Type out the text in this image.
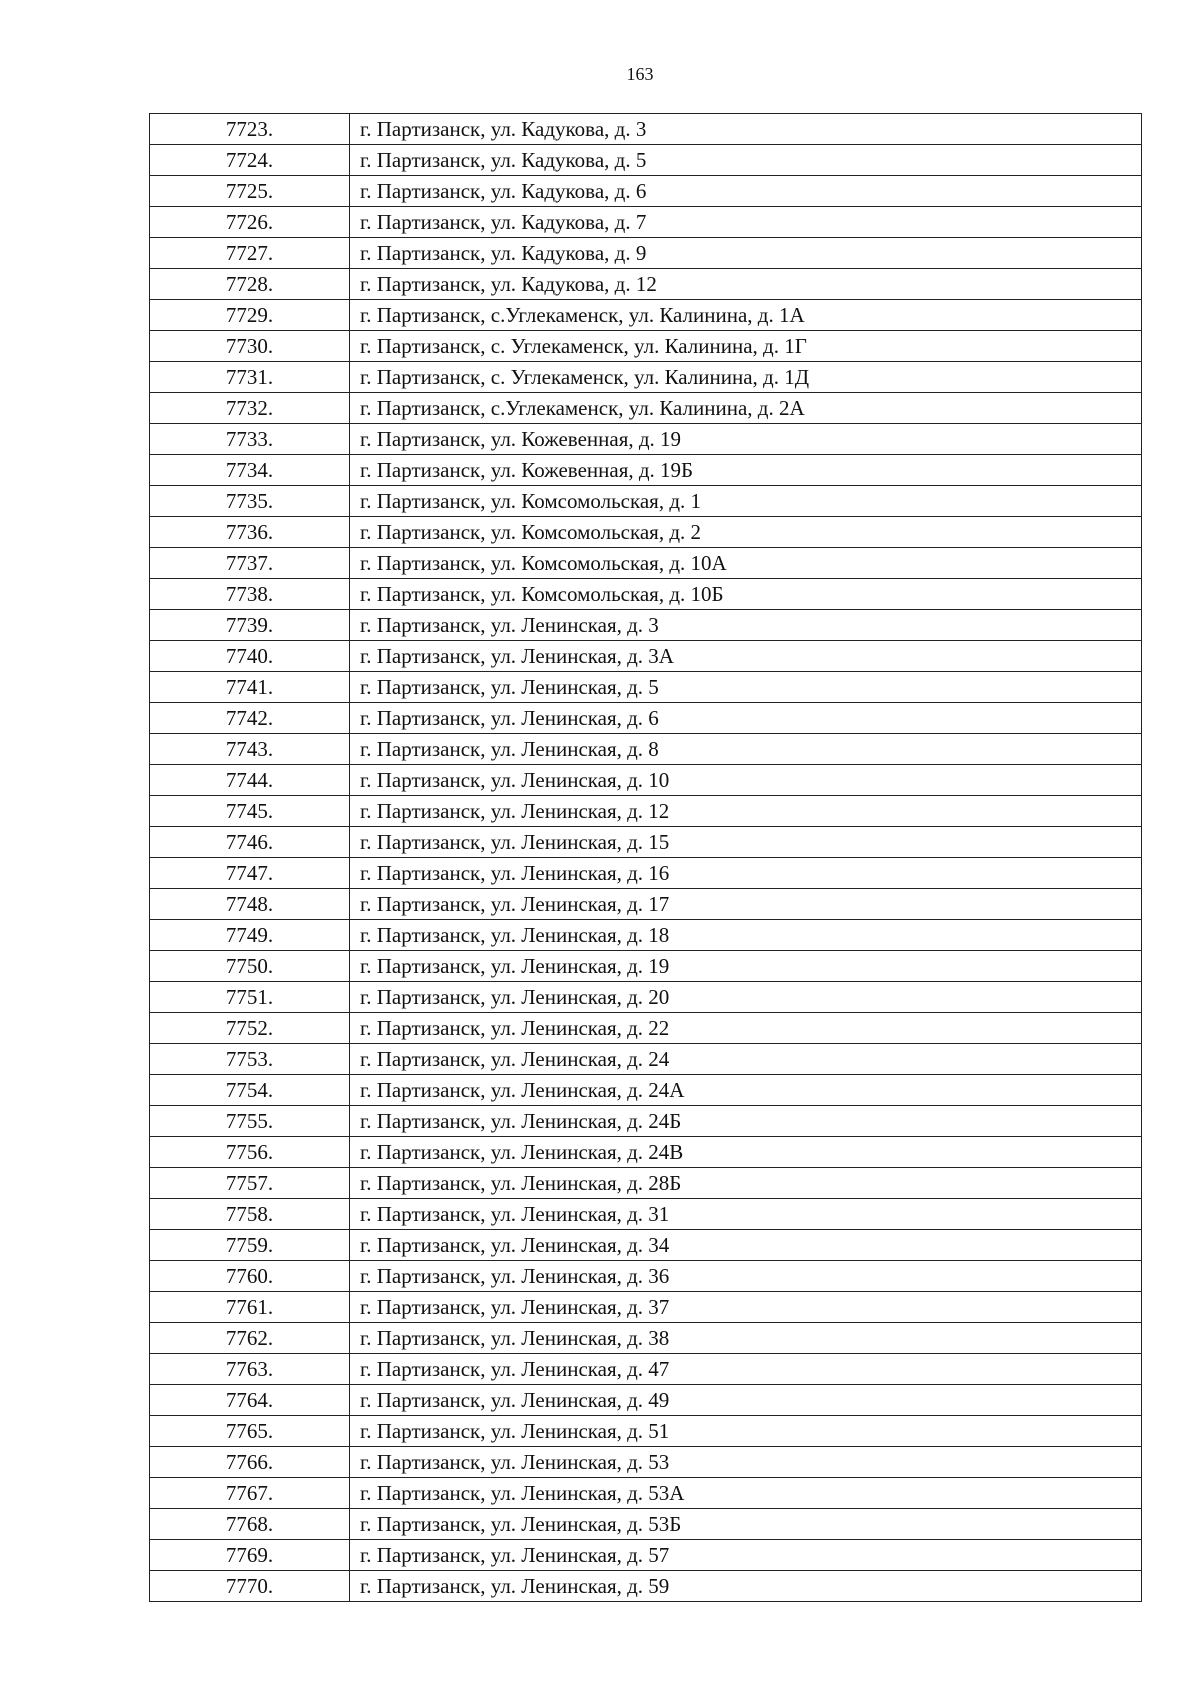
163
7723.	г. Партизанск, ул. Кадукова, д. 3
7724.	г. Партизанск, ул. Кадукова, д. 5
7725.	г. Партизанск, ул. Кадукова, д. 6
7726.	г. Партизанск, ул. Кадукова, д. 7
7727.	г. Партизанск, ул. Кадукова, д. 9
7728.	г. Партизанск, ул. Кадукова, д. 12
7729.	г. Партизанск, с.Углекаменск, ул. Калинина, д. 1А
7730.	г. Партизанск, с. Углекаменск, ул. Калинина, д. 1Г
7731.	г. Партизанск, с. Углекаменск, ул. Калинина, д. 1Д
7732.	г. Партизанск, с.Углекаменск, ул. Калинина, д. 2А
7733.	г. Партизанск, ул. Кожевенная, д. 19
7734.	г. Партизанск, ул. Кожевенная, д. 19Б
7735.	г. Партизанск, ул. Комсомольская, д. 1
7736.	г. Партизанск, ул. Комсомольская, д. 2
7737.	г. Партизанск, ул. Комсомольская, д. 10А
7738.	г. Партизанск, ул. Комсомольская, д. 10Б
7739.	г. Партизанск, ул. Ленинская, д. 3
7740.	г. Партизанск, ул. Ленинская, д. 3А
7741.	г. Партизанск, ул. Ленинская, д. 5
7742.	г. Партизанск, ул. Ленинская, д. 6
7743.	г. Партизанск, ул. Ленинская, д. 8
7744.	г. Партизанск, ул. Ленинская, д. 10
7745.	г. Партизанск, ул. Ленинская, д. 12
7746.	г. Партизанск, ул. Ленинская, д. 15
7747.	г. Партизанск, ул. Ленинская, д. 16
7748.	г. Партизанск, ул. Ленинская, д. 17
7749.	г. Партизанск, ул. Ленинская, д. 18
7750.	г. Партизанск, ул. Ленинская, д. 19
7751.	г. Партизанск, ул. Ленинская, д. 20
7752.	г. Партизанск, ул. Ленинская, д. 22
7753.	г. Партизанск, ул. Ленинская, д. 24
7754.	г. Партизанск, ул. Ленинская, д. 24А
7755.	г. Партизанск, ул. Ленинская, д. 24Б
7756.	г. Партизанск, ул. Ленинская, д. 24В
7757.	г. Партизанск, ул. Ленинская, д. 28Б
7758.	г. Партизанск, ул. Ленинская, д. 31
7759.	г. Партизанск, ул. Ленинская, д. 34
7760.	г. Партизанск, ул. Ленинская, д. 36
7761.	г. Партизанск, ул. Ленинская, д. 37
7762.	г. Партизанск, ул. Ленинская, д. 38
7763.	г. Партизанск, ул. Ленинская, д. 47
7764.	г. Партизанск, ул. Ленинская, д. 49
7765.	г. Партизанск, ул. Ленинская, д. 51
7766.	г. Партизанск, ул. Ленинская, д. 53
7767.	г. Партизанск, ул. Ленинская, д. 53А
7768.	г. Партизанск, ул. Ленинская, д. 53Б
7769.	г. Партизанск, ул. Ленинская, д. 57
7770.	г. Партизанск, ул. Ленинская, д. 59
